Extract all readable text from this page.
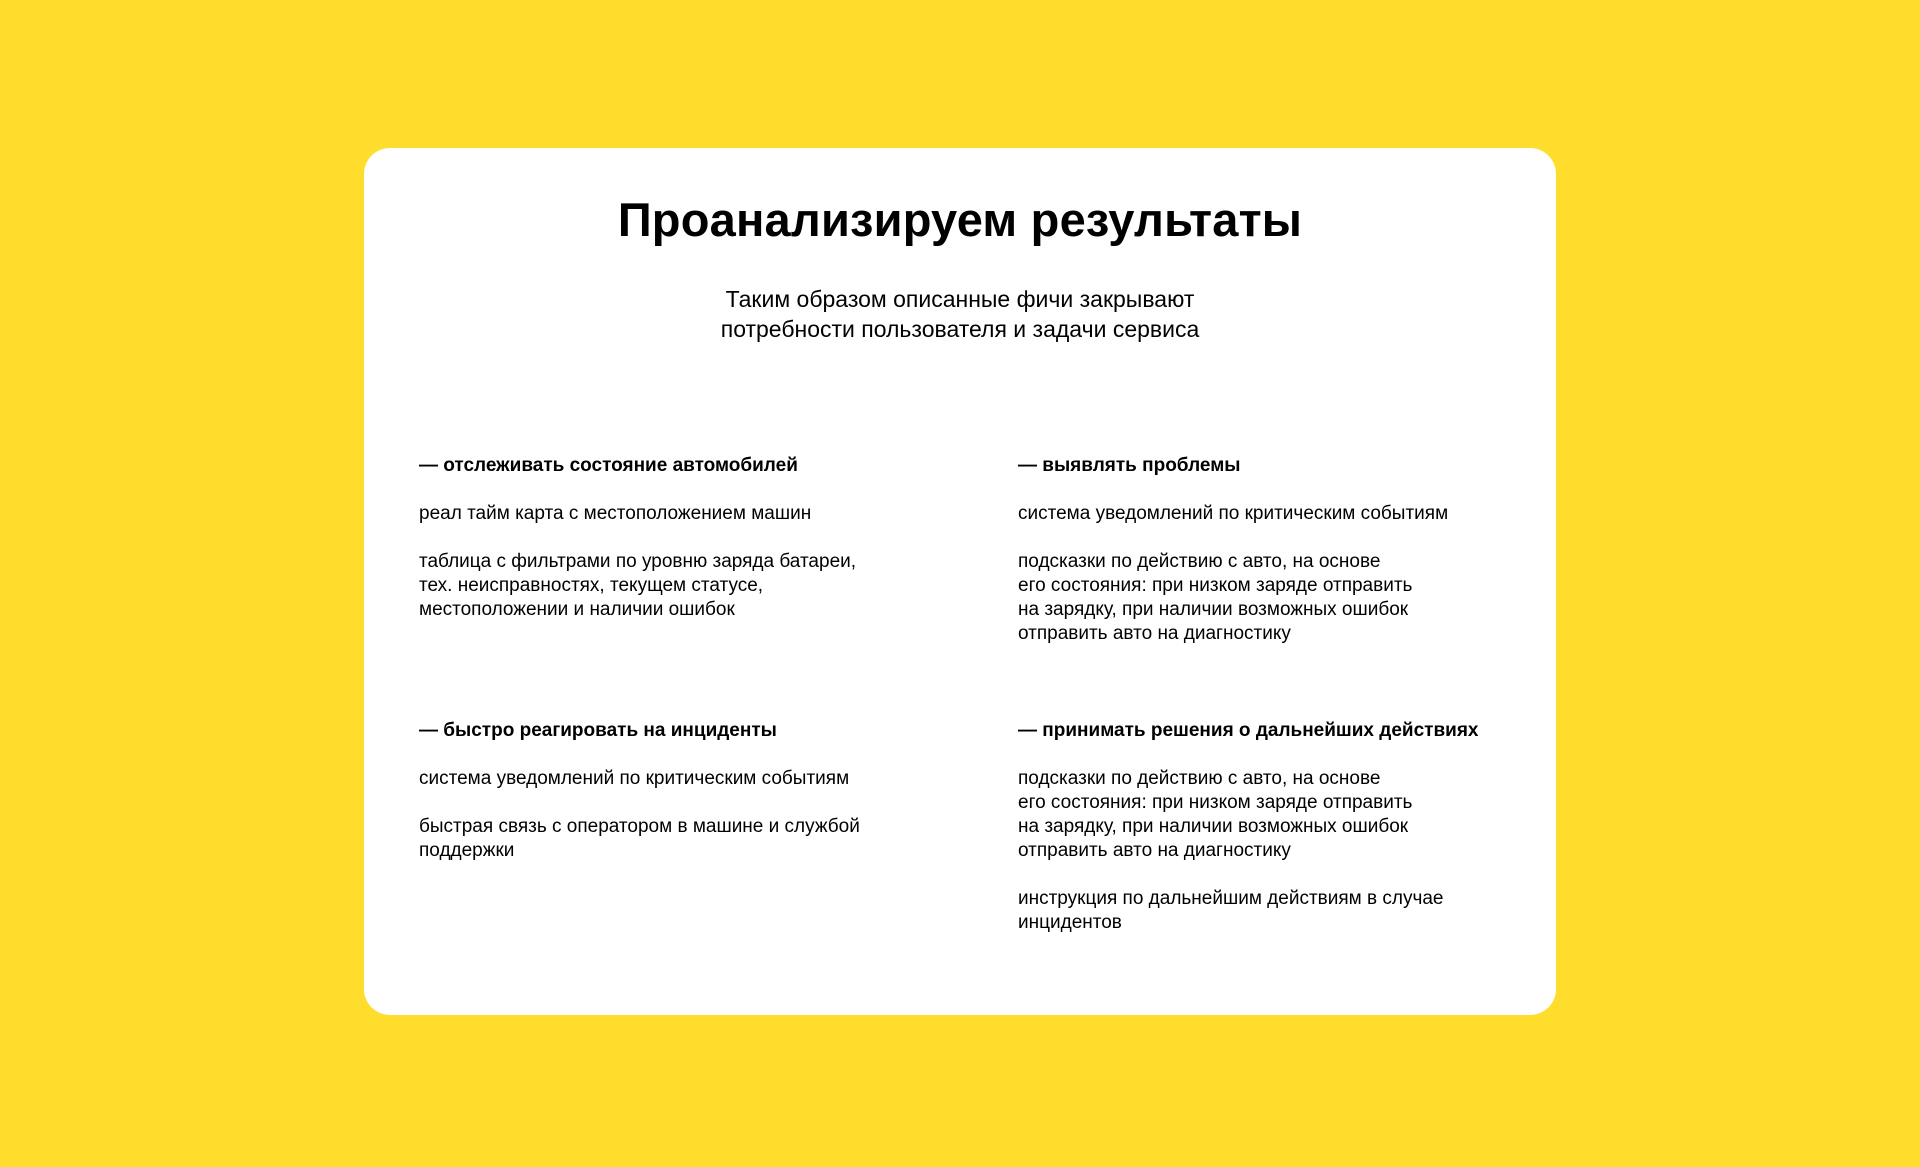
Проанализируем результаты

Таким образом описанные фичи закрывают
потребности пользователя и задачи сервиса

— отслеживать состояние автомобилей
реал тайм карта с местоположением машин
таблица с фильтрами по уровню заряда батареи,
тех. неисправностях, текущем статусе,
местоположении и наличии ошибок
— выявлять проблемы
система уведомлений по критическим событиям
подсказки по действию с авто, на основе
его состояния: при низком заряде отправить
на зарядку, при наличии возможных ошибок
отправить авто на диагностику
— быстро реагировать на инциденты
система уведомлений по критическим событиям
быстрая связь с оператором в машине и службой
поддержки
— принимать решения о дальнейших действиях
подсказки по действию с авто, на основе
его состояния: при низком заряде отправить
на зарядку, при наличии возможных ошибок
отправить авто на диагностику
инструкция по дальнейшим действиям в случае
инцидентов
